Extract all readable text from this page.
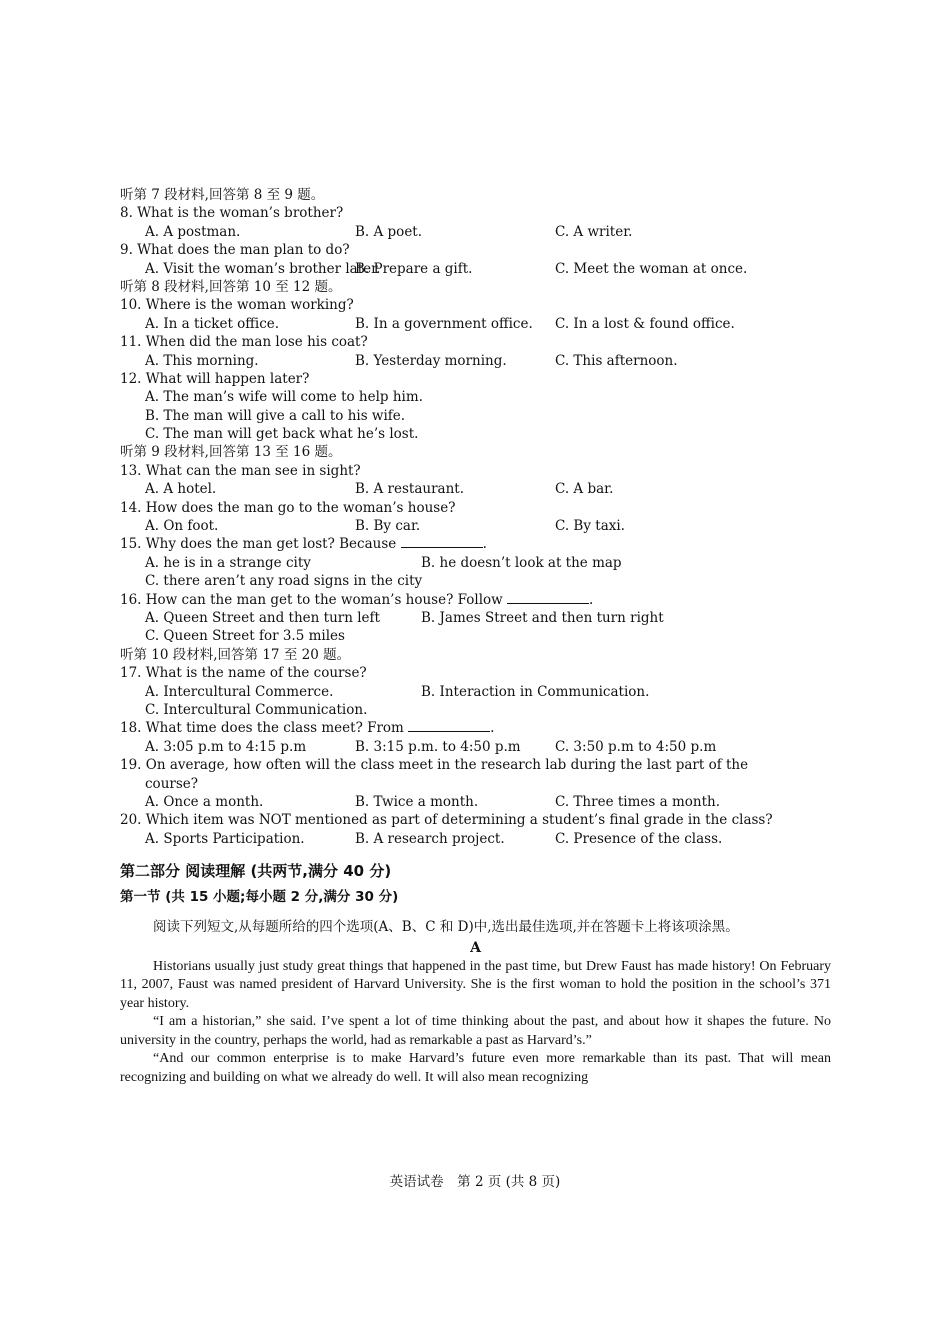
听第 7 段材料,回答第 8 至 9 题。
8. What is the woman’s brother?
A. A postman.	B. A poet.	C. A writer.
9. What does the man plan to do?
A. Visit the woman’s brother later.
B. Prepare a gift.	C. Meet the woman at once.
听第 8 段材料,回答第 10 至 12 题。
10. Where is the woman working?
A. In a ticket office.	B. In a government office. C. In a lost & found office.
11. When did the man lose his coat?
A. This morning.	B. Yesterday morning.	C. This afternoon.
12. What will happen later?
A. The man’s wife will come to help him.
B. The man will give a call to his wife.
C. The man will get back what he’s lost.
听第 9 段材料,回答第 13 至 16 题。
13. What can the man see in sight?
A. A hotel.	B. A restaurant.	C. A bar.
14. How does the man go to the woman’s house?
A. On foot.	B. By car.	C. By taxi.
15. Why does the man get lost? Because	.
A. he is in a strange city	B. he doesn’t look at the map
C. there aren’t any road signs in the city
16. How can the man get to the woman’s house? Follow	.
A. Queen Street and then turn left	B. James Street and then turn right
C. Queen Street for 3.5 miles
听第 10 段材料,回答第 17 至 20 题。
17. What is the name of the course?
A. Intercultural Commerce.	B. Interaction in Communication.
C. Intercultural Communication.
18. What time does the class meet? From	.
A. 3:05 p.m to 4:15 p.m	B. 3:15 p.m. to 4:50 p.m	C. 3:50 p.m to 4:50 p.m
19. On average, how often will the class meet in the research lab during the last part of the
course?
A. Once a month.	B. Twice a month.	C. Three times a month.
20. Which item was NOT mentioned as part of determining a student’s final grade in the class?
A. Sports Participation.	B. A research project.	C. Presence of the class.
第二部分 阅读理解 (共两节,满分 40 分)
第一节 (共 15 小题;每小题 2 分,满分 30 分)
阅读下列短文,从每题所给的四个选项(A、B、C 和 D)中,选出最佳选项,并在答题卡上将该项涂黑。
A
Historians usually just study great things that happened in the past time, but Drew Faust has made history! On February 11, 2007, Faust was named president of Harvard University. She is the first woman to hold the position in the school’s 371 year history.
“I am a historian,” she said. I’ve spent a lot of time thinking about the past, and about how it shapes the future. No university in the country, perhaps the world, had as remarkable a past as Harvard’s.”
“And our common enterprise is to make Harvard’s future even more remarkable than its past. That will mean recognizing and building on what we already do well. It will also mean recognizing
英语试卷　第 2 页 (共 8 页)
